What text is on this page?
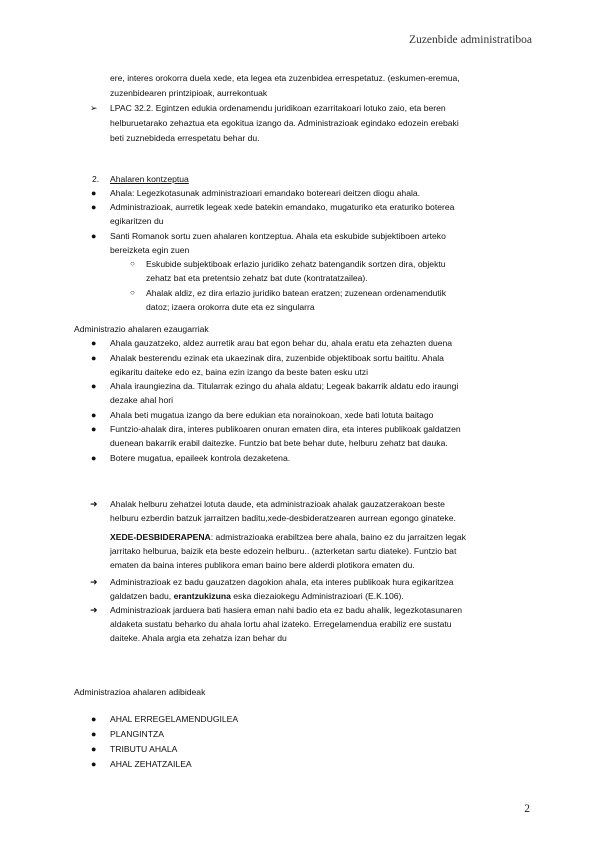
Zuzenbide administratiboa
ere, interes orokorra duela xede, eta legea eta zuzenbidea errespetatuz. (eskumen-eremua,
zuzenbidearen printzipioak, aurrekontuak
➢ LPAC 32.2. Egintzen edukia ordenamendu juridikoan ezarritakoari lotuko zaio, eta beren
helburuetarako zehaztua eta egokitua izango da. Administrazioak egindako edozein erebaki
beti zuznebideda errespetatu behar du.
2. Ahalaren kontzeptua
● Ahala: Legezkotasunak administrazioari emandako botereari deitzen diogu ahala.
● Administrazioak, aurretik legeak xede batekin emandako, mugaturiko eta eraturiko boterea
egikaritzen du
● Santi Romanok sortu zuen ahalaren kontzeptua. Ahala eta eskubide subjektiboen arteko
bereizketa egin zuen
○ Eskubide subjektiboak erlazio juridiko zehatz batengandik sortzen dira, objektu
zehatz bat eta pretentsio zehatz bat dute (kontratatzailea).
○ Ahalak aldiz, ez dira erlazio juridiko batean eratzen; zuzenean ordenamendutik
datoz; izaera orokorra dute eta ez singularra
Administrazio ahalaren ezaugarriak
● Ahala gauzatzeko, aldez aurretik arau bat egon behar du, ahala eratu eta zehazten duena
● Ahalak besterendu ezinak eta ukaezinak dira, zuzenbide objektiboak sortu baititu. Ahala
egikaritu daiteke edo ez, baina ezin izango da beste baten esku utzi
● Ahala iraungiezina da. Titularrak ezingo du ahala aldatu; Legeak bakarrik aldatu edo iraungi
dezake ahal hori
● Ahala beti mugatua izango da bere edukian eta norainokoan, xede bati lotuta baitago
● Funtzio-ahalak dira, interes publikoaren onuran ematen dira, eta interes publikoak galdatzen
duenean bakarrik erabil daitezke. Funtzio bat bete behar dute, helburu zehatz bat dauka.
● Botere mugatua, epaileek kontrola dezaketena.
➜ Ahalak helburu zehatzei lotuta daude, eta administrazioak ahalak gauzatzerakoan beste
helburu ezberdin batzuk jarraitzen baditu,xede-desbideratzearen aurrean egongo ginateke.
XEDE-DESBIDERAPENA: admistrazioaka erabiltzea bere ahala, baino ez du jarraitzen legak
jarritako helburua, baizik eta beste edozein helburu.. (azterketan sartu diateke). Funtzio bat
ematen da baina interes publikora eman baino bere alderdi plotikora ematen du.
➜ Administrazioak ez badu gauzatzen dagokion ahala, eta interes publikoak hura egikaritzea
galdatzen badu, erantzukizuna eska diezaiokegu Administrazioari (E.K.106).
➜ Administrazioak jarduera bati hasiera eman nahi badio eta ez badu ahalik, legezkotasunaren
aldaketa sustatu beharko du ahala lortu ahal izateko. Erregelamendua erabiliz ere sustatu
daiteke. Ahala argia eta zehatza izan behar du
Administrazioa ahalaren adibideak
● AHAL ERREGELAMENDUGILEA
● PLANGINTZA
● TRIBUTU AHALA
● AHAL ZEHATZAILEA
2
